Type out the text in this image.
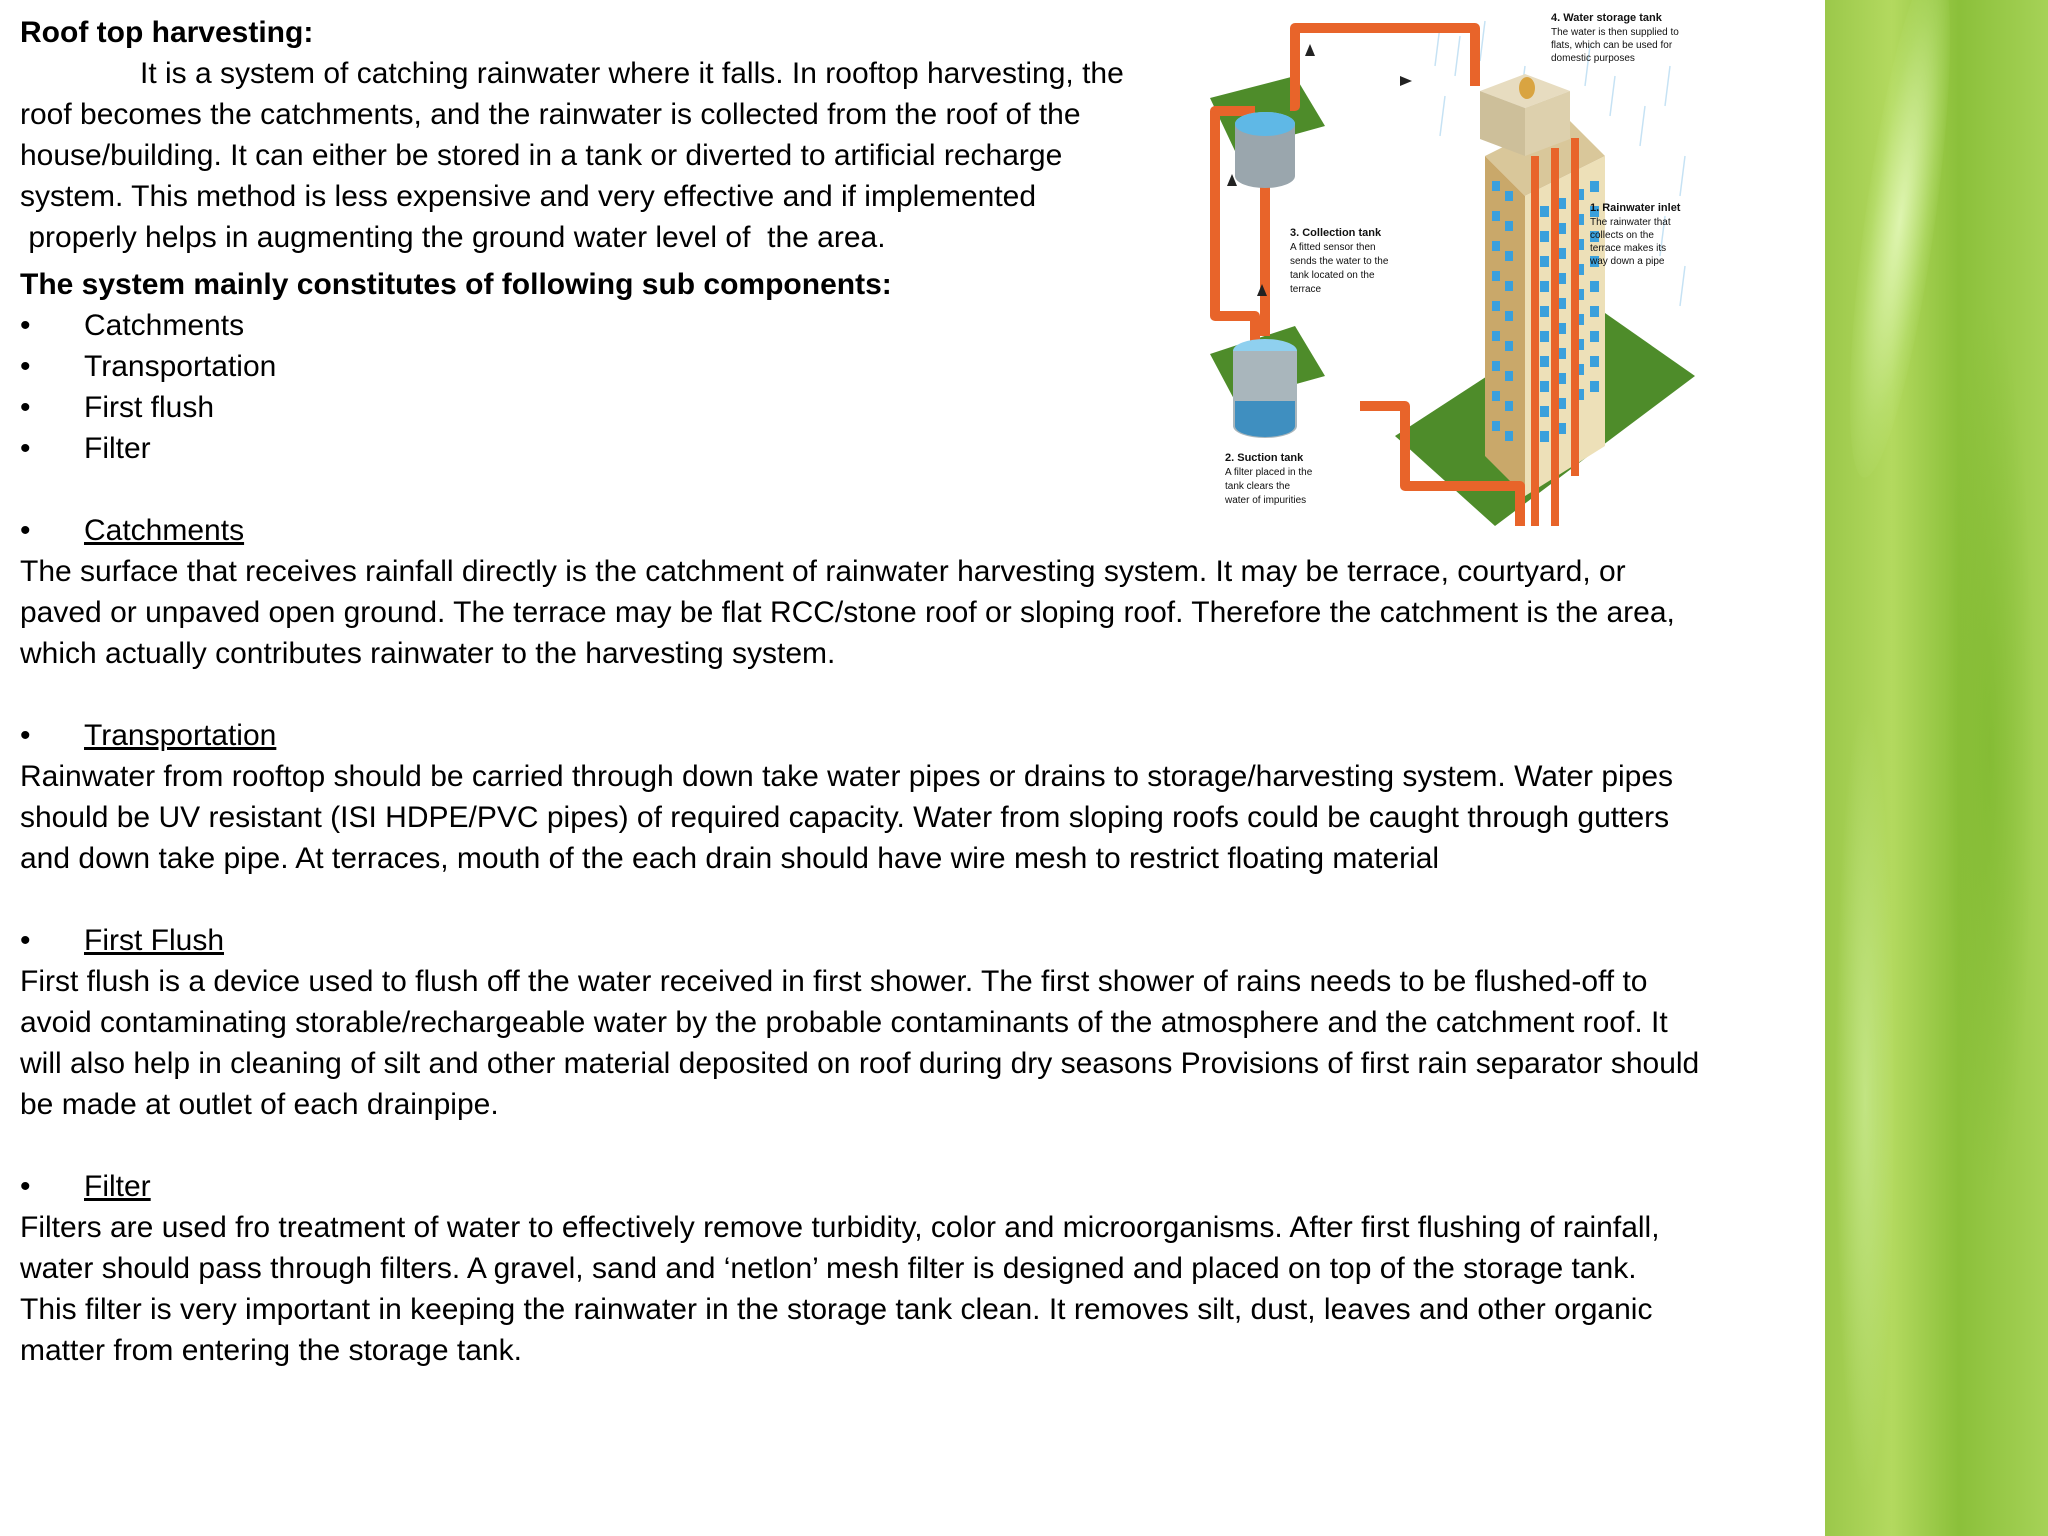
4. Water storage tank
The water is then supplied to
flats, which can be used for
domestic purposes
1. Rainwater inlet
The rainwater that
collects on the
terrace makes its
way down a pipe
3. Collection tank
A fitted sensor then
sends the water to the
tank located on the
terrace
2. Suction tank
A filter placed in the
tank clears the
water of impurities
Roof top harvesting:

It is a system of catching rainwater where it falls. In rooftop harvesting, the

roof becomes the catchments, and the rainwater is collected from the roof of the house/building. It can either be stored in a tank or diverted to artificial recharge system. This method is less expensive and very effective and if implemented

properly helps in augmenting the ground water level of  the area.

The system mainly constitutes of following sub components:
• Catchments
• Transportation
• First flush
• Filter
• Catchments

The surface that receives rainfall directly is the catchment of rainwater harvesting system. It may be terrace, courtyard, or paved or unpaved open ground. The terrace may be flat RCC/stone roof or sloping roof. Therefore the catchment is the area, which actually contributes rainwater to the harvesting system.

• Transportation

Rainwater from rooftop should be carried through down take water pipes or drains to storage/harvesting system. Water pipes should be UV resistant (ISI HDPE/PVC pipes) of required capacity. Water from sloping roofs could be caught through gutters and down take pipe. At terraces, mouth of the each drain should have wire mesh to restrict floating material

• First Flush

First flush is a device used to flush off the water received in first shower. The first shower of rains needs to be flushed-off to avoid contaminating storable/rechargeable water by the probable contaminants of the atmosphere and the catchment roof. It will also help in cleaning of silt and other material deposited on roof during dry seasons Provisions of first rain separator should be made at outlet of each drainpipe.

• Filter

Filters are used fro treatment of water to effectively remove turbidity, color and microorganisms. After first flushing of rainfall, water should pass through filters. A gravel, sand and ‘netlon’ mesh filter is designed and placed on top of the storage tank. This filter is very important in keeping the rainwater in the storage tank clean. It removes silt, dust, leaves and other organic matter from entering the storage tank.
